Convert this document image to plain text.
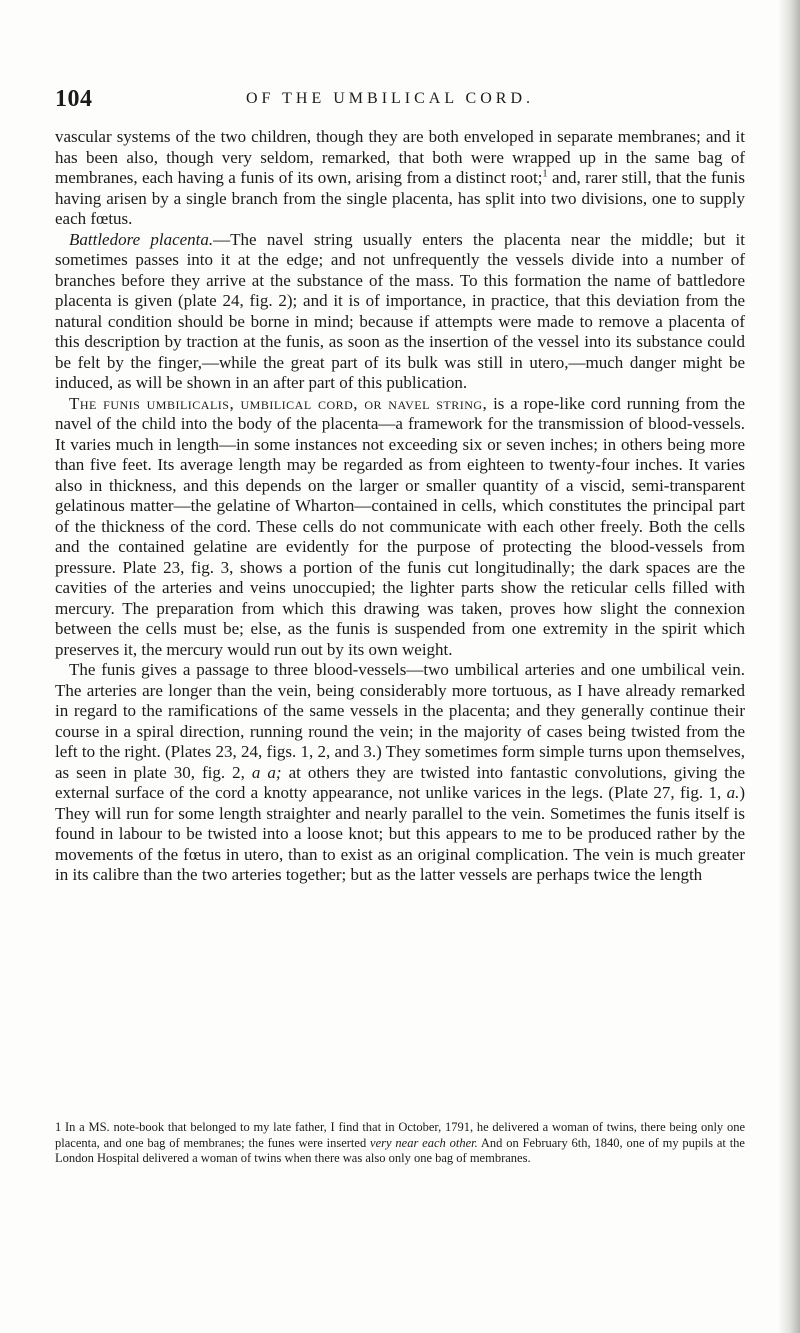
104	OF THE UMBILICAL CORD.

vascular systems of the two children, though they are both enveloped in separate membranes; and it has been also, though very seldom, remarked, that both were wrapped up in the same bag of membranes, each having a funis of its own, arising from a distinct root;$^1$ and, rarer still, that the funis having arisen by a single branch from the single placenta, has split into two divisions, one to supply each fœtus.

Battledore placenta.—The navel string usually enters the placenta near the middle; but it sometimes passes into it at the edge; and not unfrequently the vessels divide into a number of branches before they arrive at the substance of the mass. To this formation the name of battledore placenta is given (plate 24, fig. 2); and it is of importance, in practice, that this deviation from the natural condition should be borne in mind; because if attempts were made to remove a placenta of this description by traction at the funis, as soon as the insertion of the vessel into its substance could be felt by the finger,—while the great part of its bulk was still in utero,—much danger might be induced, as will be shown in an after part of this publication.

The funis umbilicalis, umbilical cord, or navel string, is a rope-like cord running from the navel of the child into the body of the placenta—a framework for the transmission of blood-vessels. It varies much in length—in some instances not exceeding six or seven inches; in others being more than five feet. Its average length may be regarded as from eighteen to twenty-four inches. It varies also in thickness, and this depends on the larger or smaller quantity of a viscid, semi-transparent gelatinous matter—the gelatine of Wharton—contained in cells, which constitutes the principal part of the thickness of the cord. These cells do not communicate with each other freely. Both the cells and the contained gelatine are evidently for the purpose of protecting the blood-vessels from pressure. Plate 23, fig. 3, shows a portion of the funis cut longitudinally; the dark spaces are the cavities of the arteries and veins unoccupied; the lighter parts show the reticular cells filled with mercury. The preparation from which this drawing was taken, proves how slight the connexion between the cells must be; else, as the funis is suspended from one extremity in the spirit which preserves it, the mercury would run out by its own weight.

The funis gives a passage to three blood-vessels—two umbilical arteries and one umbilical vein. The arteries are longer than the vein, being considerably more tortuous, as I have already remarked in regard to the ramifications of the same vessels in the placenta; and they generally continue their course in a spiral direction, running round the vein; in the majority of cases being twisted from the left to the right. (Plates 23, 24, figs. 1, 2, and 3.) They sometimes form simple turns upon themselves, as seen in plate 30, fig. 2, a a; at others they are twisted into fantastic convolutions, giving the external surface of the cord a knotty appearance, not unlike varices in the legs. (Plate 27, fig. 1, a.) They will run for some length straighter and nearly parallel to the vein. Sometimes the funis itself is found in labour to be twisted into a loose knot; but this appears to me to be produced rather by the movements of the fœtus in utero, than to exist as an original complication. The vein is much greater in its calibre than the two arteries together; but as the latter vessels are perhaps twice the length

1 In a MS. note-book that belonged to my late father, I find that in October, 1791, he delivered a woman of twins, there being only one placenta, and one bag of membranes; the funes were inserted very near each other. And on February 6th, 1840, one of my pupils at the London Hospital delivered a woman of twins when there was also only one bag of membranes.
